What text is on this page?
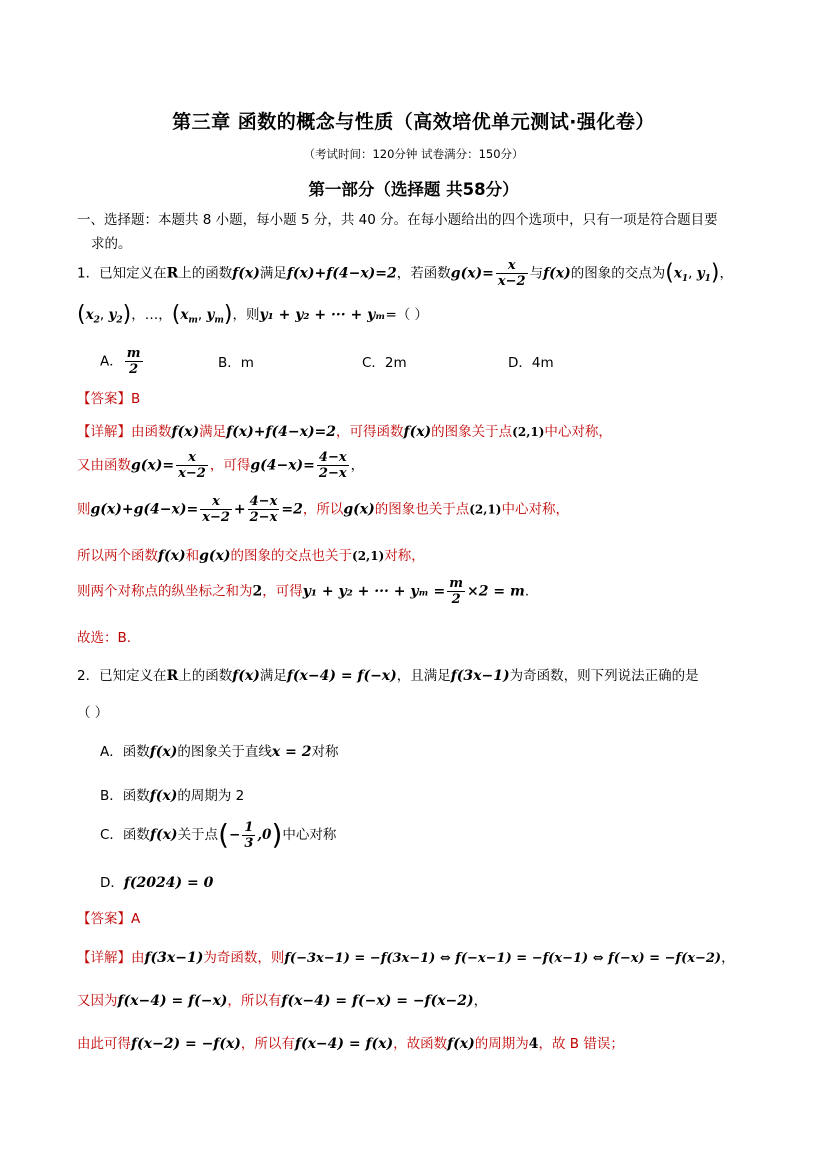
第三章 函数的概念与性质（高效培优单元测试·强化卷）
（考试时间：120分钟 试卷满分：150分）
第一部分（选择题 共58分）
一、选择题：本题共 8 小题，每小题 5 分，共 40 分。在每小题给出的四个选项中，只有一项是符合题目要
求的。
1．已知定义在R上的函数f(x)满足f(x)+f(4−x)=2，若函数$g(x)= \frac{x}{x-2}$ 与f(x)的图象的交点为($x_1$, $y_1$)，
($x_2$, $y_2$)，…，($x_m$, $y_m$)，则y₁ + y₂ + ··· + yₘ=（ ）
A． $\frac{m}{2}$	B．m	C．2m	D．4m
【答案】B
【详解】由函数f(x)满足f(x)+f(4−x)=2，可得函数f(x)的图象关于点(2,1)中心对称，
又由函数$g(x)= \frac{x}{x-2}$ ，可得$g(4-x)= \frac{4-x}{2-x}$ ，
则$g(x)+g(4-x)= \frac{x}{x-2} + \frac{4-x}{2-x} =2$，所以g(x)的图象也关于点(2,1)中心对称，
所以两个函数f(x)和g(x)的图象的交点也关于(2,1)对称，
则两个对称点的纵坐标之和为2，可得y₁ + y₂ + ··· + $y_m = \frac{m}{2} \times 2 = m$.
故选：B.
2．已知定义在R上的函数f(x)满足f(x−4) = f(−x)，且满足f(3x−1)为奇函数，则下列说法正确的是
（ ）
A．函数f(x)的图象关于直线x = 2对称
B．函数f(x)的周期为 2
C．函数f(x)关于点(− $\frac{1}{3} ,0$)中心对称
D．f(2024) = 0
【答案】A
【详解】由f(3x−1)为奇函数，则f(−3x−1) = −f(3x−1) ⇔ f(−x−1) = −f(x−1) ⇔ f(−x) = −f(x−2)，
又因为f(x−4) = f(−x)，所以有f(x−4) = f(−x) = −f(x−2)，
由此可得f(x−2) = −f(x)，所以有f(x−4) = f(x)，故函数f(x)的周期为4，故 B 错误；
